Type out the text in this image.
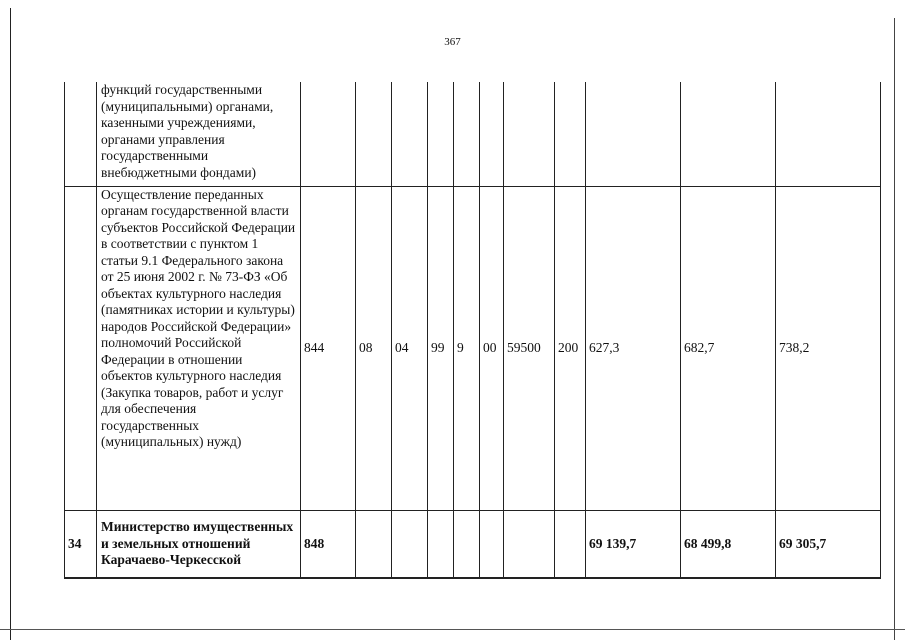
367
	функций государственными (муниципальными) органами, казенными учреждениями, органами управления государственными внебюджетными фондами)											
	Осуществление переданных органам государственной власти субъектов Российской Федерации в соответствии с пунктом 1 статьи 9.1 Федерального закона от 25 июня 2002 г. № 73-ФЗ «Об объектах культурного наследия (памятниках истории и культуры) народов Российской Федерации» полномочий Российской Федерации в отношении объектов культурного наследия (Закупка товаров, работ и услуг для обеспечения государственных (муниципальных) нужд)	844	08	04	99	9	00	59500	200	627,3	682,7	738,2
34	Министерство имущественных и земельных отношений Карачаево-Черкесской	848								69 139,7	68 499,8	69 305,7
